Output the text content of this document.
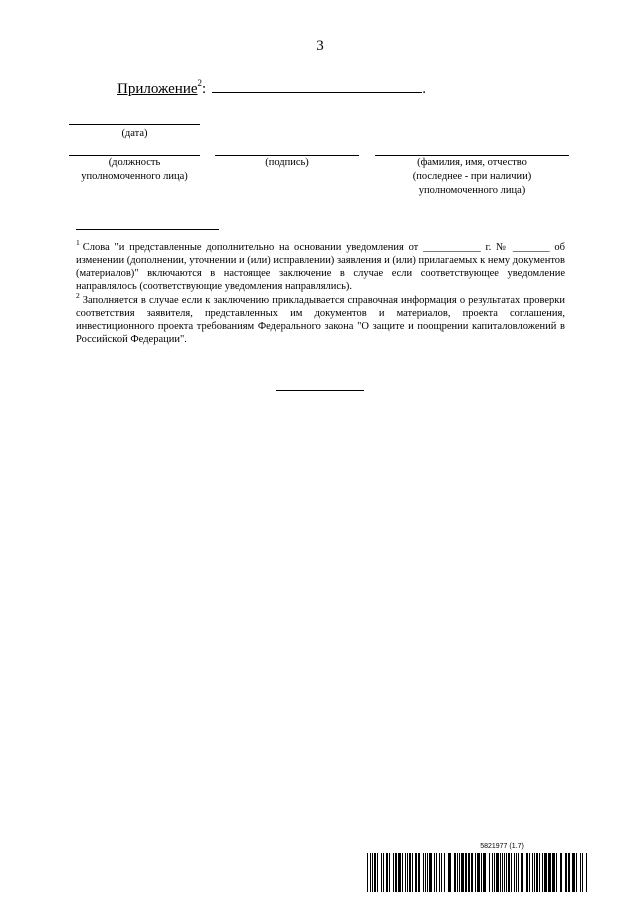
3
Приложение$^2$:	.
(дата)
(должность
уполномоченного лица)
(подпись)	(фамилия, имя, отчество
(последнее - при наличии)
уполномоченного лица)
$^1$ Слова "и представленные дополнительно на основании уведомления от ___________ г. № _______ об изменении (дополнении, уточнении и (или) исправлении) заявления и (или) прилагаемых к нему документов (материалов)" включаются в настоящее заключение в случае если соответствующее уведомление направлялось (соответствующие уведомления направлялись).
$^2$ Заполняется в случае если к заключению прикладывается справочная информация о результатах проверки соответствия заявителя, представленных им документов и материалов, проекта соглашения, инвестиционного проекта требованиям Федерального закона "О защите и поощрении капиталовложений в Российской Федерации".
5821977 (1.7)
